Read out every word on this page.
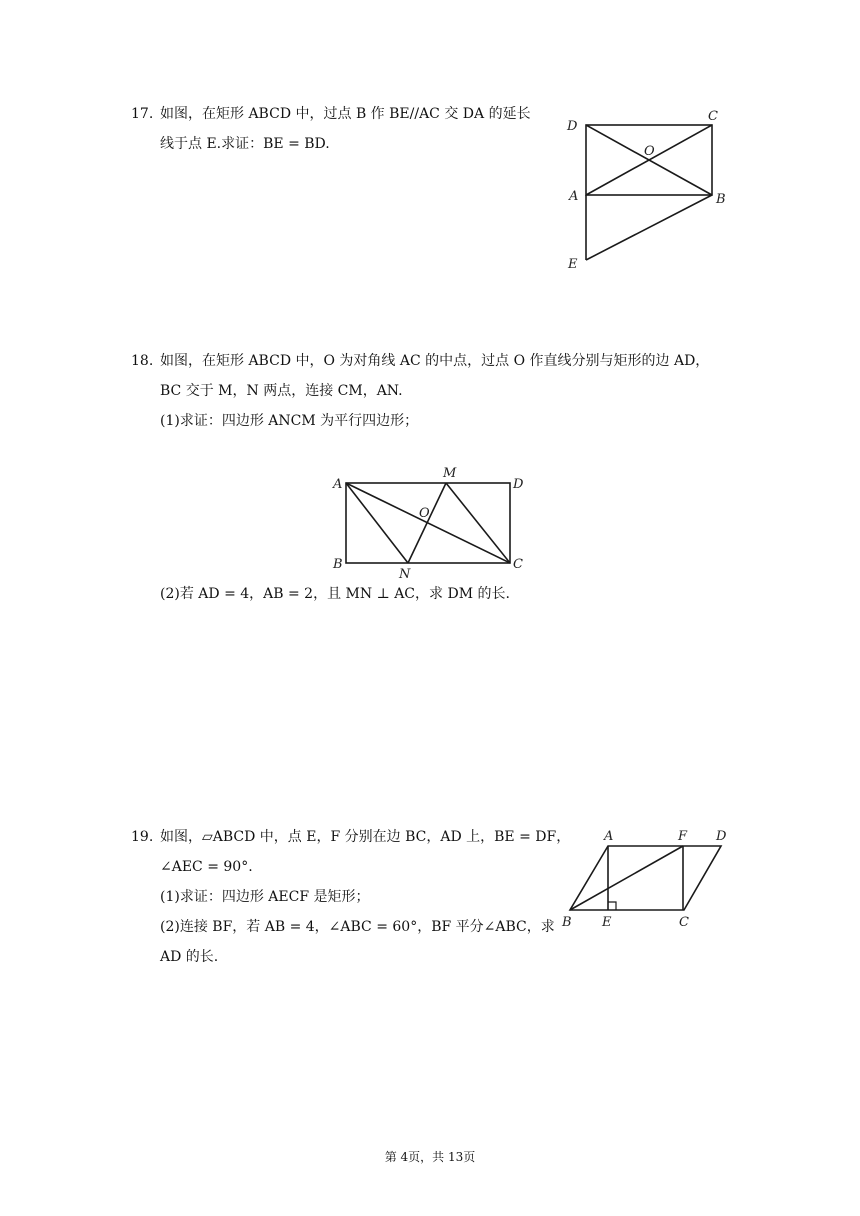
17. 如图，在矩形 ABCD 中，过点 B 作 BE//AC 交 DA 的延长
线于点 E.求证：BE = BD.
D
C
O
A	B
E
18. 如图，在矩形 ABCD 中，O 为对角线 AC 的中点，过点 O 作直线分别与矩形的边 AD，
BC 交于 M，N 两点，连接 CM，AN.
(1)求证：四边形 ANCM 为平行四边形；
(2)若 AD = 4，AB = 2，且 MN ⊥ AC，求 DM 的长.
A
M
D
O
B
N
C
19. 如图，▱ABCD 中，点 E，F 分别在边 BC，AD 上，BE = DF，
∠AEC = 90°.
(1)求证：四边形 AECF 是矩形；
(2)连接 BF，若 AB = 4，∠ABC = 60°，BF 平分∠ABC，求
AD 的长.
A	F D
B E	C
第 4页，共 13页
